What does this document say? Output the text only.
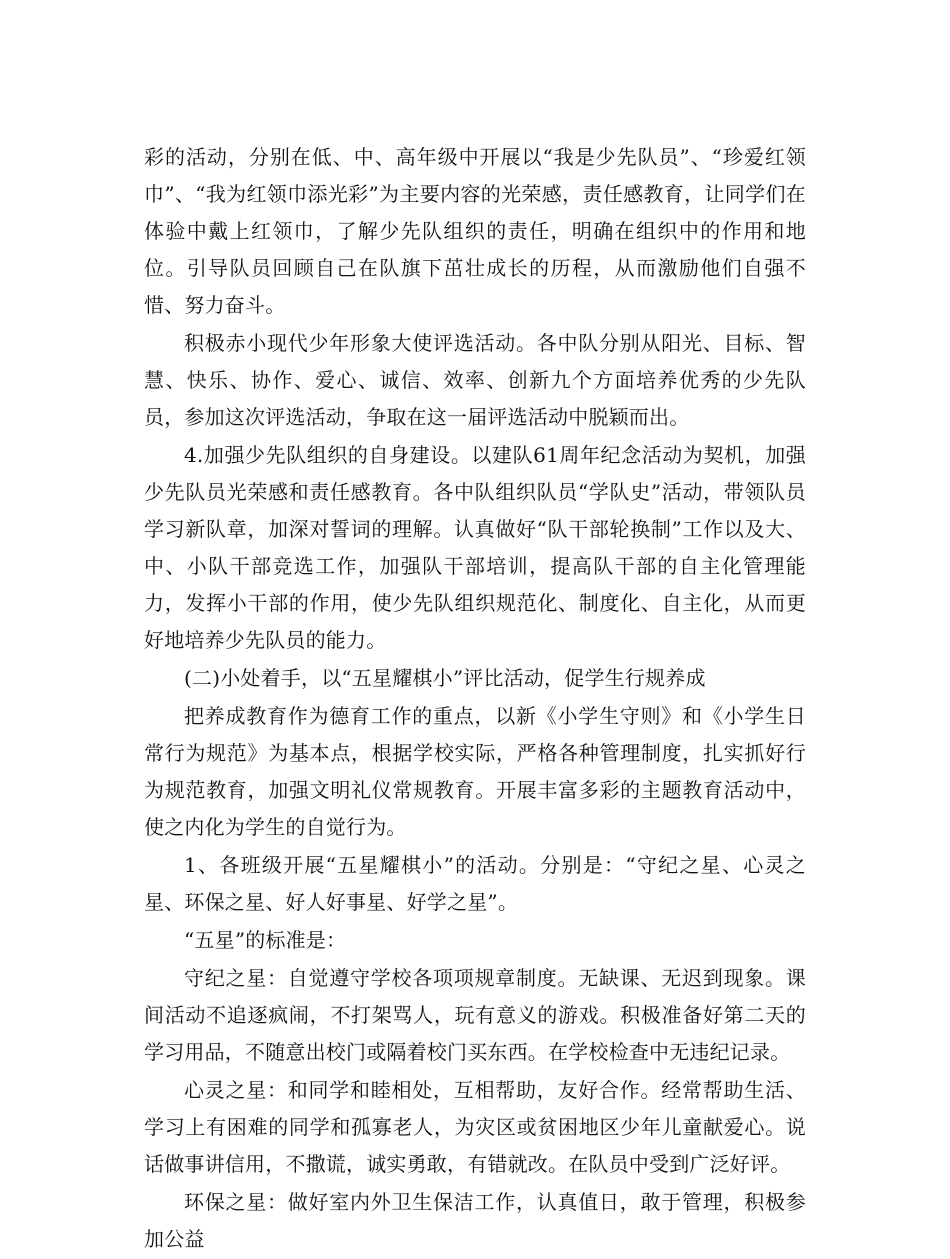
彩的活动，分别在低、中、高年级中开展以“我是少先队员”、“珍爱红领巾”、“我为红领巾添光彩”为主要内容的光荣感，责任感教育，让同学们在体验中戴上红领巾，了解少先队组织的责任，明确在组织中的作用和地位。引导队员回顾自己在队旗下茁壮成长的历程，从而激励他们自强不惜、努力奋斗。

积极赤小现代少年形象大使评选活动。各中队分别从阳光、目标、智慧、快乐、协作、爱心、诚信、效率、创新九个方面培养优秀的少先队员，参加这次评选活动，争取在这一届评选活动中脱颖而出。

4.加强少先队组织的自身建设。以建队61周年纪念活动为契机，加强少先队员光荣感和责任感教育。各中队组织队员“学队史”活动，带领队员学习新队章，加深对誓词的理解。认真做好“队干部轮换制”工作以及大、中、小队干部竞选工作，加强队干部培训，提高队干部的自主化管理能力，发挥小干部的作用，使少先队组织规范化、制度化、自主化，从而更好地培养少先队员的能力。

(二)小处着手，以“五星耀棋小”评比活动，促学生行规养成

把养成教育作为德育工作的重点，以新《小学生守则》和《小学生日常行为规范》为基本点，根据学校实际，严格各种管理制度，扎实抓好行为规范教育，加强文明礼仪常规教育。开展丰富多彩的主题教育活动中，使之内化为学生的自觉行为。

1、各班级开展“五星耀棋小”的活动。分别是：“守纪之星、心灵之星、环保之星、好人好事星、好学之星”。

“五星”的标准是：

守纪之星：自觉遵守学校各项项规章制度。无缺课、无迟到现象。课间活动不追逐疯闹，不打架骂人，玩有意义的游戏。积极准备好第二天的学习用品，不随意出校门或隔着校门买东西。在学校检查中无违纪记录。

心灵之星：和同学和睦相处，互相帮助，友好合作。经常帮助生活、学习上有困难的同学和孤寡老人，为灾区或贫困地区少年儿童献爱心。说话做事讲信用，不撒谎，诚实勇敢，有错就改。在队员中受到广泛好评。

环保之星：做好室内外卫生保洁工作，认真值日，敢于管理，积极参加公益
